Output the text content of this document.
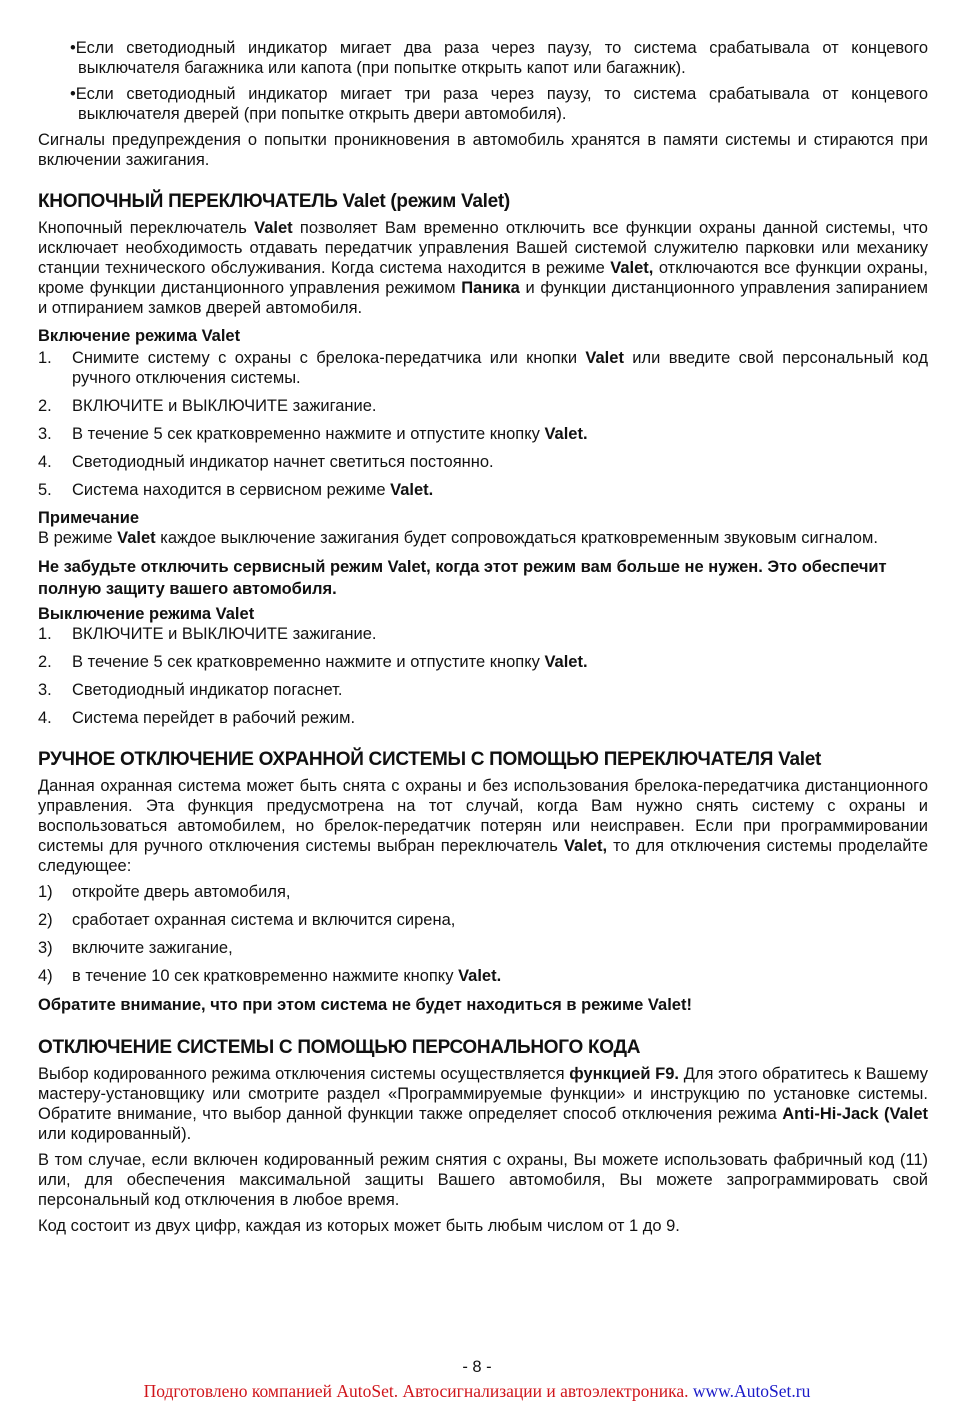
•Если светодиодный индикатор мигает два раза через паузу, то система срабатывала от концевого выключателя багажника или капота (при попытке открыть капот или багажник).

•Если светодиодный индикатор мигает три раза через паузу, то система срабатывала от концевого выключателя дверей (при попытке открыть двери автомобиля).

Сигналы предупреждения о попытки проникновения в автомобиль хранятся в памяти системы и стираются при включении зажигания.

КНОПОЧНЫЙ ПЕРЕКЛЮЧАТЕЛЬ Valet (режим Valet)

Кнопочный переключатель Valet позволяет Вам временно отключить все функции охраны данной системы, что исключает необходимость отдавать передатчик управления Вашей системой служителю парковки или механику станции технического обслуживания. Когда система находится в режиме Valet, отключаются все функции охраны, кроме функции дистанционного управления режимом Паника и функции дистанционного управления запиранием и отпиранием замков дверей автомобиля.

Включение режима Valet
1.	Снимите систему с охраны с брелока-передатчика или кнопки Valet или введите свой персональный код ручного отключения системы.
2.	ВКЛЮЧИТЕ и ВЫКЛЮЧИТЕ зажигание.
3.	В течение 5 сек кратковременно нажмите и отпустите кнопку Valet.
4.	Светодиодный индикатор начнет светиться постоянно.
5.	Система находится в сервисном режиме Valet.
Примечание

В режиме Valet каждое выключение зажигания будет сопровождаться кратковременным звуковым сигналом.

Не забудьте отключить сервисный режим Valet, когда этот режим вам больше не нужен. Это обеспечит полную защиту вашего автомобиля.

Выключение режима Valet
1.	ВКЛЮЧИТЕ и ВЫКЛЮЧИТЕ зажигание.
2.	В течение 5 сек кратковременно нажмите и отпустите кнопку Valet.
3.	Светодиодный индикатор погаснет.
4.	Система перейдет в рабочий режим.
РУЧНОЕ ОТКЛЮЧЕНИЕ ОХРАННОЙ СИСТЕМЫ С ПОМОЩЬЮ ПЕРЕКЛЮЧАТЕЛЯ Valet

Данная охранная система может быть снята с охраны и без использования брелока-передатчика дистанционного управления. Эта функция предусмотрена на тот случай, когда Вам нужно снять систему с охраны и воспользоваться автомобилем, но брелок-передатчик потерян или неисправен. Если при программировании системы для ручного отключения системы выбран переключатель Valet, то для отключения системы проделайте следующее:

1)	откройте дверь автомобиля,
2)	сработает охранная система и включится сирена,
3)	включите зажигание,
4)	в течение 10 сек кратковременно нажмите кнопку Valet.

Обратите внимание, что при этом система не будет находиться в режиме Valet!

ОТКЛЮЧЕНИЕ СИСТЕМЫ С ПОМОЩЬЮ ПЕРСОНАЛЬНОГО КОДА

Выбор кодированного режима отключения системы осуществляется функцией F9. Для этого обратитесь к Вашему мастеру-установщику или смотрите раздел «Программируемые функции» и инструкцию по установке системы. Обратите внимание, что выбор данной функции также определяет способ отключения режима Anti-Hi-Jack (Valet или кодированный).

В том случае, если включен кодированный режим снятия с охраны, Вы можете использовать фабричный код (11) или, для обеспечения максимальной защиты Вашего автомобиля, Вы можете запрограммировать свой персональный код отключения в любое время.

Код состоит из двух цифр, каждая из которых может быть любым числом от 1 до 9.

- 8 -
Подготовлено компанией AutoSet. Автосигнализации и автоэлектроника. www.AutoSet.ru
